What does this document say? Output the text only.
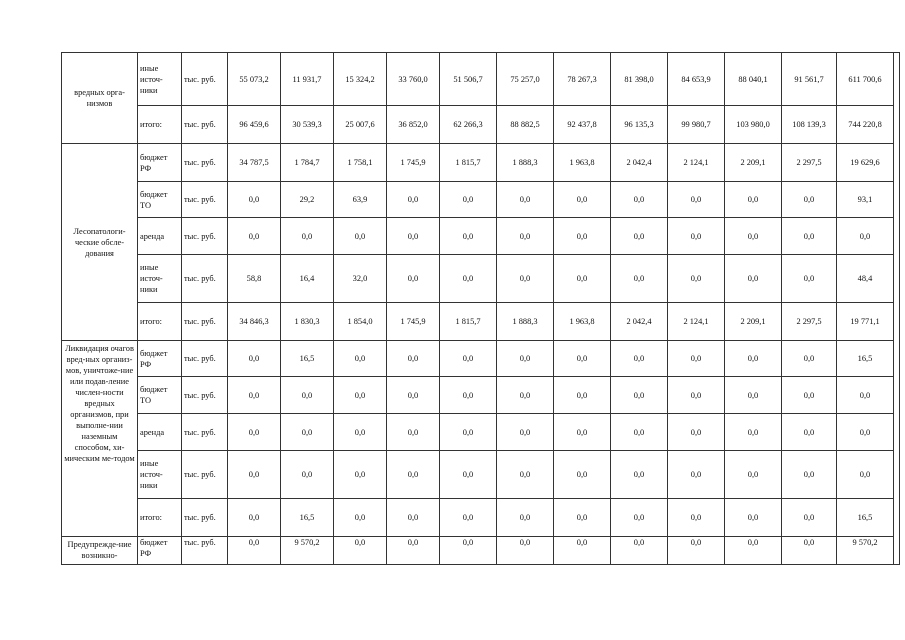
вредных орга-низмов	иные источ-ники	тыс. руб.	55 073,2	11 931,7	15 324,2	33 760,0	51 506,7	75 257,0	78 267,3	81 398,0	84 653,9	88 040,1	91 561,7	611 700,6	
	итого:	тыс. руб.	96 459,6	30 539,3	25 007,6	36 852,0	62 266,3	88 882,5	92 437,8	96 135,3	99 980,7	103 980,0	108 139,3	744 220,8	
Лесопатологи-ческие обсле-дования	бюджет РФ	тыс. руб.	34 787,5	1 784,7	1 758,1	1 745,9	1 815,7	1 888,3	1 963,8	2 042,4	2 124,1	2 209,1	2 297,5	19 629,6	
	бюджет ТО	тыс. руб.	0,0	29,2	63,9	0,0	0,0	0,0	0,0	0,0	0,0	0,0	0,0	93,1	
	аренда	тыс. руб.	0,0	0,0	0,0	0,0	0,0	0,0	0,0	0,0	0,0	0,0	0,0	0,0	
	иные источ-ники	тыс. руб.	58,8	16,4	32,0	0,0	0,0	0,0	0,0	0,0	0,0	0,0	0,0	48,4	
	итого:	тыс. руб.	34 846,3	1 830,3	1 854,0	1 745,9	1 815,7	1 888,3	1 963,8	2 042,4	2 124,1	2 209,1	2 297,5	19 771,1	
Ликвидация очагов вред-ных организ-мов, уничтоже-ние или подав-ление числен-ности вредных организмов, при выполне-нии наземным способом, хи-мическим ме-тодом	бюджет РФ	тыс. руб.	0,0	16,5	0,0	0,0	0,0	0,0	0,0	0,0	0,0	0,0	0,0	16,5	
	бюджет ТО	тыс. руб.	0,0	0,0	0,0	0,0	0,0	0,0	0,0	0,0	0,0	0,0	0,0	0,0	
	аренда	тыс. руб.	0,0	0,0	0,0	0,0	0,0	0,0	0,0	0,0	0,0	0,0	0,0	0,0	
	иные источ-ники	тыс. руб.	0,0	0,0	0,0	0,0	0,0	0,0	0,0	0,0	0,0	0,0	0,0	0,0	
	итого:	тыс. руб.	0,0	16,5	0,0	0,0	0,0	0,0	0,0	0,0	0,0	0,0	0,0	16,5	
Предупрежде-ние возникно-	бюджет РФ	тыс. руб.	0,0	9 570,2	0,0	0,0	0,0	0,0	0,0	0,0	0,0	0,0	0,0	9 570,2	
